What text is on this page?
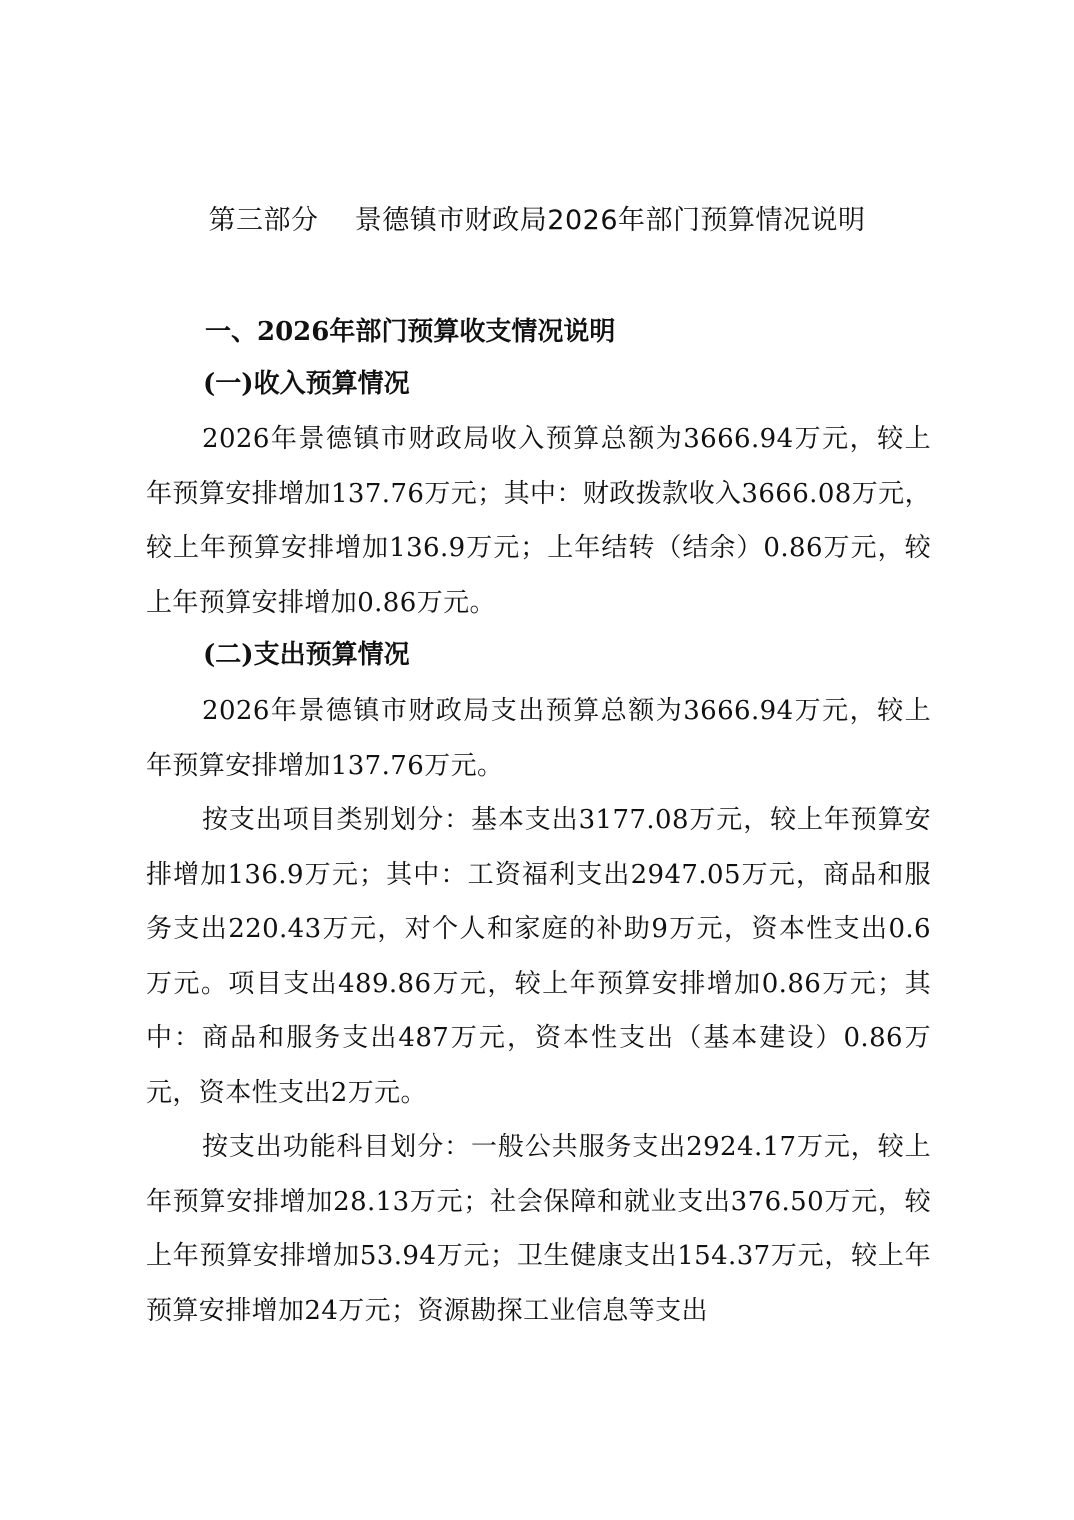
第三部分    景德镇市财政局2026年部门预算情况说明
一、2026年部门预算收支情况说明
(一)收入预算情况
2026年景德镇市财政局收入预算总额为3666.94万元，较上年预算安排增加137.76万元；其中：财政拨款收入3666.08万元，较上年预算安排增加136.9万元；上年结转（结余）0.86万元，较上年预算安排增加0.86万元。
(二)支出预算情况
2026年景德镇市财政局支出预算总额为3666.94万元，较上年预算安排增加137.76万元。
按支出项目类别划分：基本支出3177.08万元，较上年预算安排增加136.9万元；其中：工资福利支出2947.05万元，商品和服务支出220.43万元，对个人和家庭的补助9万元，资本性支出0.6万元。项目支出489.86万元，较上年预算安排增加0.86万元；其中：商品和服务支出487万元，资本性支出（基本建设）0.86万元，资本性支出2万元。
按支出功能科目划分：一般公共服务支出2924.17万元，较上年预算安排增加28.13万元；社会保障和就业支出376.50万元，较上年预算安排增加53.94万元；卫生健康支出154.37万元，较上年预算安排增加24万元；资源勘探工业信息等支出
